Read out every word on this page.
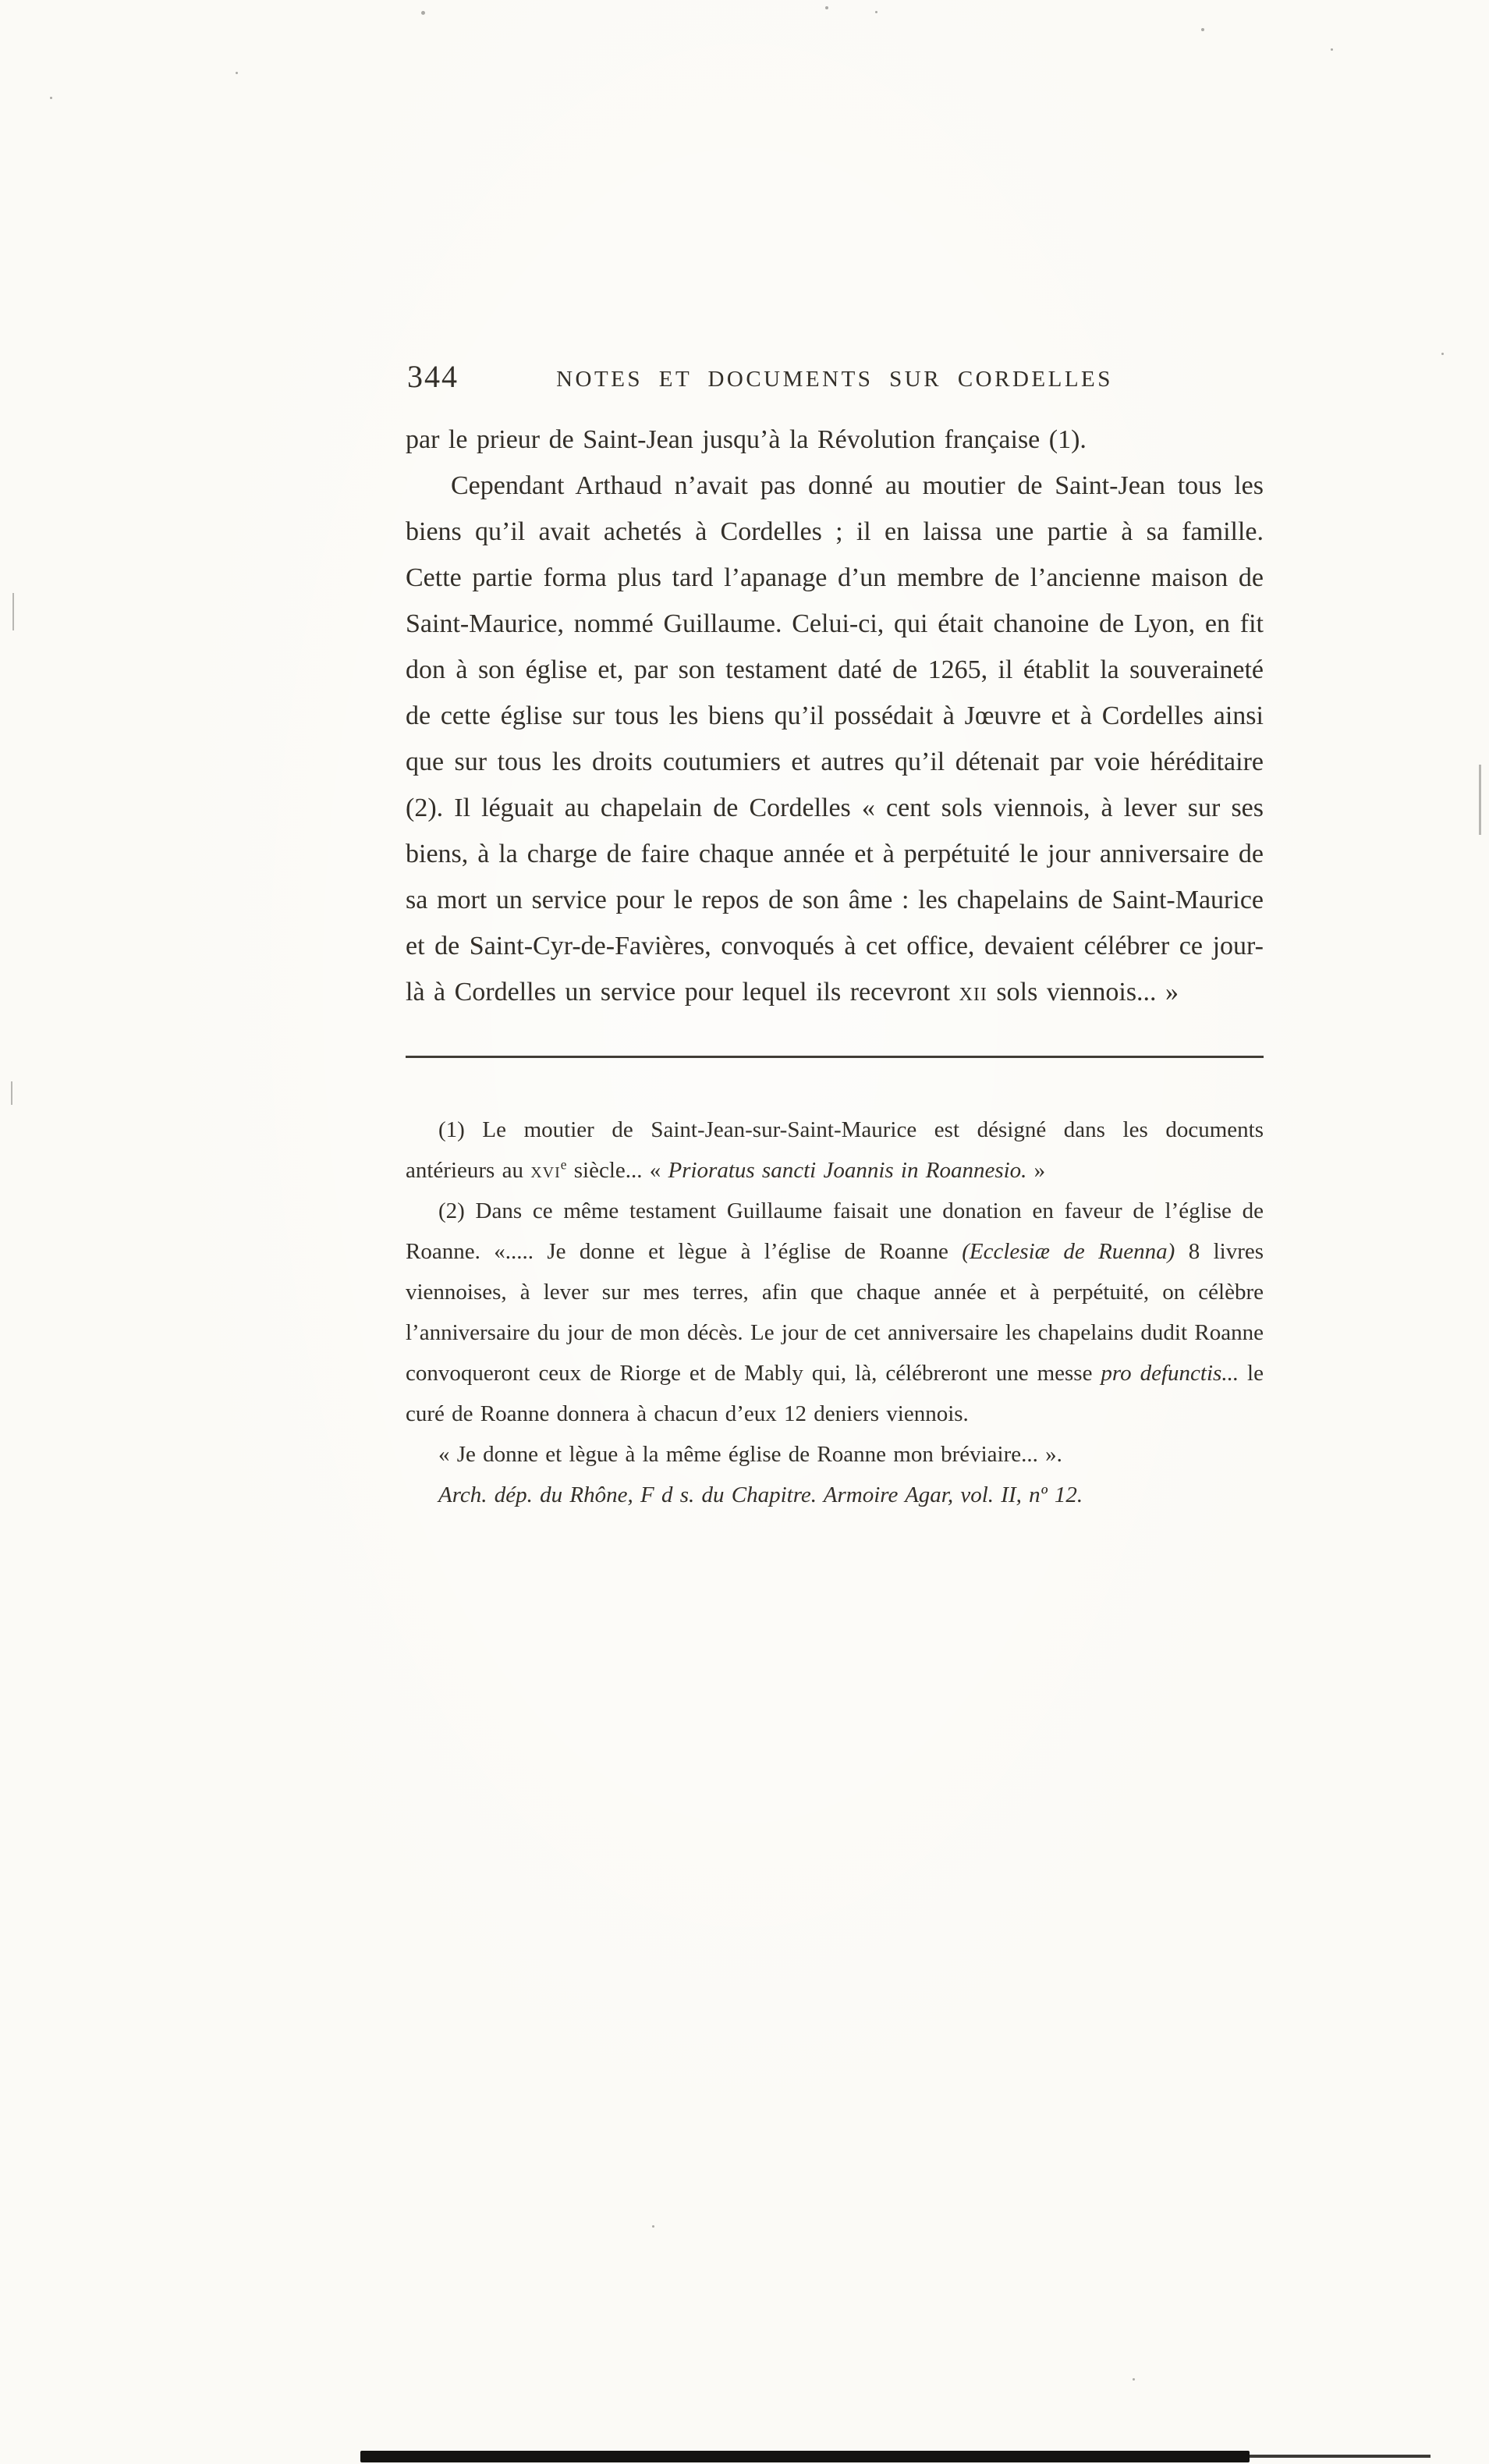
344	NOTES ET DOCUMENTS SUR CORDELLES

par le prieur de Saint-Jean jusqu’à la Révolution française (1).

Cependant Arthaud n’avait pas donné au moutier de Saint-Jean tous les biens qu’il avait achetés à Cordelles ; il en laissa une partie à sa famille. Cette partie forma plus tard l’apanage d’un membre de l’ancienne maison de Saint-Maurice, nommé Guillaume. Celui-ci, qui était chanoine de Lyon, en fit don à son église et, par son testament daté de 1265, il établit la souveraineté de cette église sur tous les biens qu’il possédait à Jœuvre et à Cordelles ainsi que sur tous les droits coutumiers et autres qu’il détenait par voie héréditaire (2). Il léguait au chapelain de Cordelles « cent sols viennois, à lever sur ses biens, à la charge de faire chaque année et à perpétuité le jour anniversaire de sa mort un service pour le repos de son âme : les chapelains de Saint-Maurice et de Saint-Cyr-de-Favières, convoqués à cet office, devaient célébrer ce jour-là à Cordelles un service pour lequel ils recevront xii sols viennois... »

(1) Le moutier de Saint-Jean-sur-Saint-Maurice est désigné dans les documents antérieurs au xvi$^e$ siècle... « Prioratus sancti Joannis in Roannesio. »

(2) Dans ce même testament Guillaume faisait une donation en faveur de l’église de Roanne. «..... Je donne et lègue à l’église de Roanne (Ecclesiæ de Ruenna) 8 livres viennoises, à lever sur mes terres, afin que chaque année et à perpétuité, on célèbre l’anniversaire du jour de mon décès. Le jour de cet anniversaire les chapelains dudit Roanne convoqueront ceux de Riorge et de Mably qui, là, célébreront une messe pro defunctis... le curé de Roanne donnera à chacun d’eux 12 deniers viennois.

« Je donne et lègue à la même église de Roanne mon bréviaire... ».

Arch. dép. du Rhône, F d s. du Chapitre. Armoire Agar, vol. II, nº 12.
